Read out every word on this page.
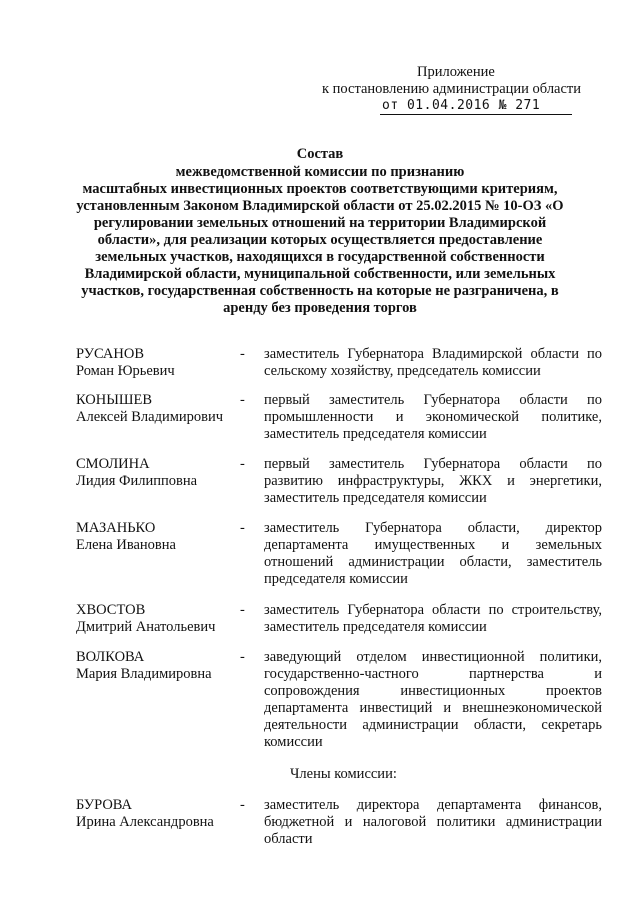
Приложение
к постановлению администрации области
от 01.04.2016 № 271
Состав
межведомственной комиссии по признанию
масштабных инвестиционных проектов соответствующими критериям,
установленным Законом Владимирской области от 25.02.2015 № 10-ОЗ «О
регулировании земельных отношений на территории Владимирской
области», для реализации которых осуществляется предоставление
земельных участков, находящихся в государственной собственности
Владимирской области, муниципальной собственности, или земельных
участков, государственная собственность на которые не разграничена, в
аренду без проведения торгов
РУСАНОВ
Роман Юрьевич
- заместитель Губернатора Владимирской области по сельскому хозяйству, председатель комиссии
КОНЫШЕВ
Алексей Владимирович
- первый заместитель Губернатора области по промышленности и экономической политике, заместитель председателя комиссии
СМОЛИНА
Лидия Филипповна
- первый заместитель Губернатора области по развитию инфраструктуры, ЖКХ и энергетики, заместитель председателя комиссии
МАЗАНЬКО
Елена Ивановна
- заместитель Губернатора области, директор департамента имущественных и земельных отношений администрации области, заместитель председателя комиссии
ХВОСТОВ
Дмитрий Анатольевич
- заместитель Губернатора области по строительству, заместитель председателя комиссии
ВОЛКОВА
Мария Владимировна
- заведующий отделом инвестиционной политики, государственно-частного партнерства и сопровождения инвестиционных проектов департамента инвестиций и внешнеэкономической деятельности администрации области, секретарь комиссии
Члены комиссии:
БУРОВА
Ирина Александровна
- заместитель директора департамента финансов, бюджетной и налоговой политики администрации области
